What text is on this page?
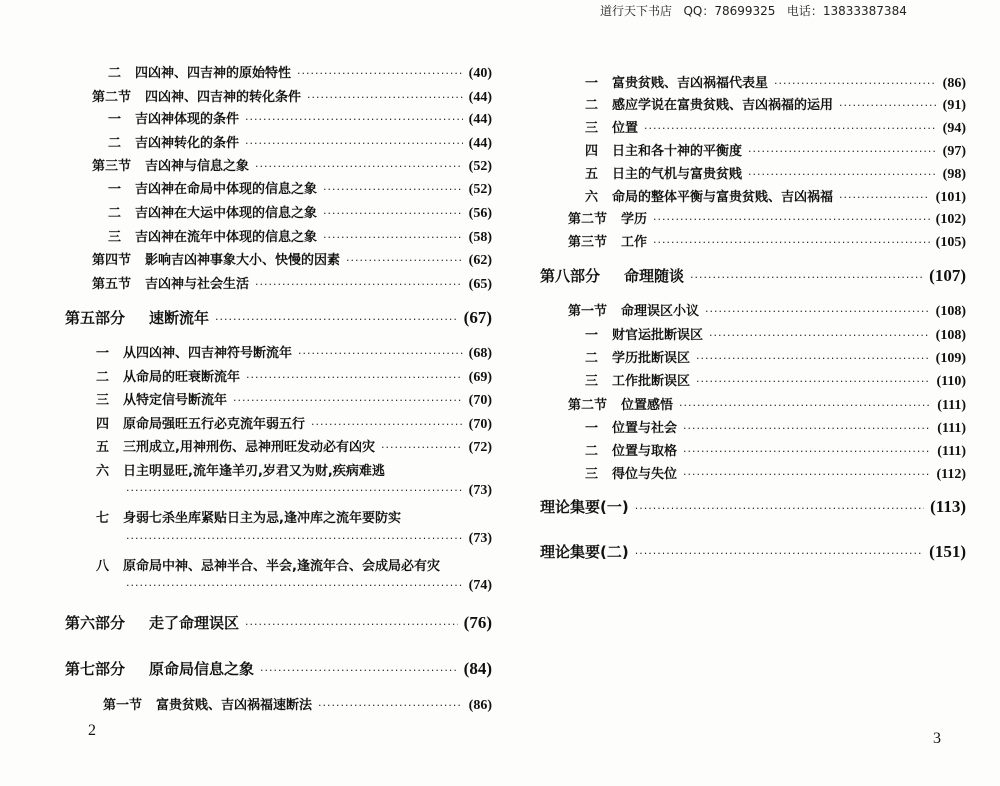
道行天下书店   QQ：78699325   电话：13833387384
二 四凶神、四吉神的原始特性 ·····	(40)
第二节 四凶神、四吉神的转化条件 ·····	(44)
一 吉凶神体现的条件 ·····	(44)
二 吉凶神转化的条件 ·····	(44)
第三节 吉凶神与信息之象 ·····	(52)
一 吉凶神在命局中体现的信息之象 ·····	(52)
二 吉凶神在大运中体现的信息之象 ·····	(56)
三 吉凶神在流年中体现的信息之象 ·····	(58)
第四节 影响吉凶神事象大小、快慢的因素 ·····	(62)
第五节 吉凶神与社会生活 ·····	(65)
第五部分 速断流年 ·····	(67)
一 从四凶神、四吉神符号断流年 ·····	(68)
二 从命局的旺衰断流年 ·····	(69)
三 从特定信号断流年 ·····	(70)
四 原命局强旺五行必克流年弱五行 ·····	(70)
五 三刑成立,用神刑伤、忌神刑旺发动必有凶灾 ·····	(72)
六 日主明显旺,流年逢羊刃,岁君又为财,疾病难逃
·····
(73)
七 身弱七杀坐库紧贴日主为忌,逢冲库之流年要防实
·····
(73)
八 原命局中神、忌神半合、半会,逢流年合、会成局必有灾
·····
(74)
第六部分 走了命理误区 ·····	(76)
第七部分 原命局信息之象 ·····	(84)
第一节 富贵贫贱、吉凶祸福速断法 ·····	(86)
一 富贵贫贱、吉凶祸福代表星 ·····	(86)
二 感应学说在富贵贫贱、吉凶祸福的运用 ·····	(91)
三 位置 ·····	(94)
四 日主和各十神的平衡度 ·····	(97)
五 日主的气机与富贵贫贱 ·····	(98)
六 命局的整体平衡与富贵贫贱、吉凶祸福 ·····	(101)
第二节 学历 ·····	(102)
第三节 工作 ·····	(105)
第八部分 命理随谈 ·····	(107)
第一节 命理误区小议 ·····	(108)
一 财官运批断误区 ·····	(108)
二 学历批断误区 ·····	(109)
三 工作批断误区 ·····	(110)
第二节 位置感悟 ·····	(111)
一 位置与社会 ·····	(111)
二 位置与取格 ·····	(111)
三 得位与失位 ·····	(112)
理论集要(一) ·····	(113)
理论集要(二) ·····	(151)
2	3
